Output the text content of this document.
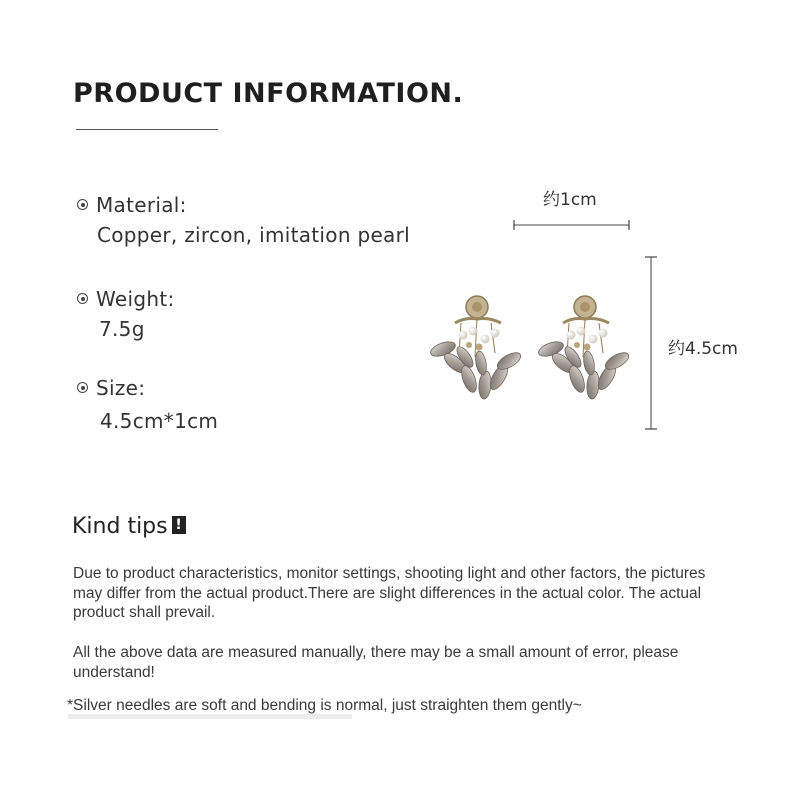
PRODUCT INFORMATION.
Material:
Copper, zircon, imitation pearl
Weight:
7.5g
Size:
4.5cm*1cm
约1cm
约4.5cm
Kind tips !
Due to product characteristics, monitor settings, shooting light and other factors, the pictures may differ from the actual product.There are slight differences in the actual color. The actual product shall prevail.
All the above data are measured manually, there may be a small amount of error, please understand!
*Silver needles are soft and bending is normal, just straighten them gently~
